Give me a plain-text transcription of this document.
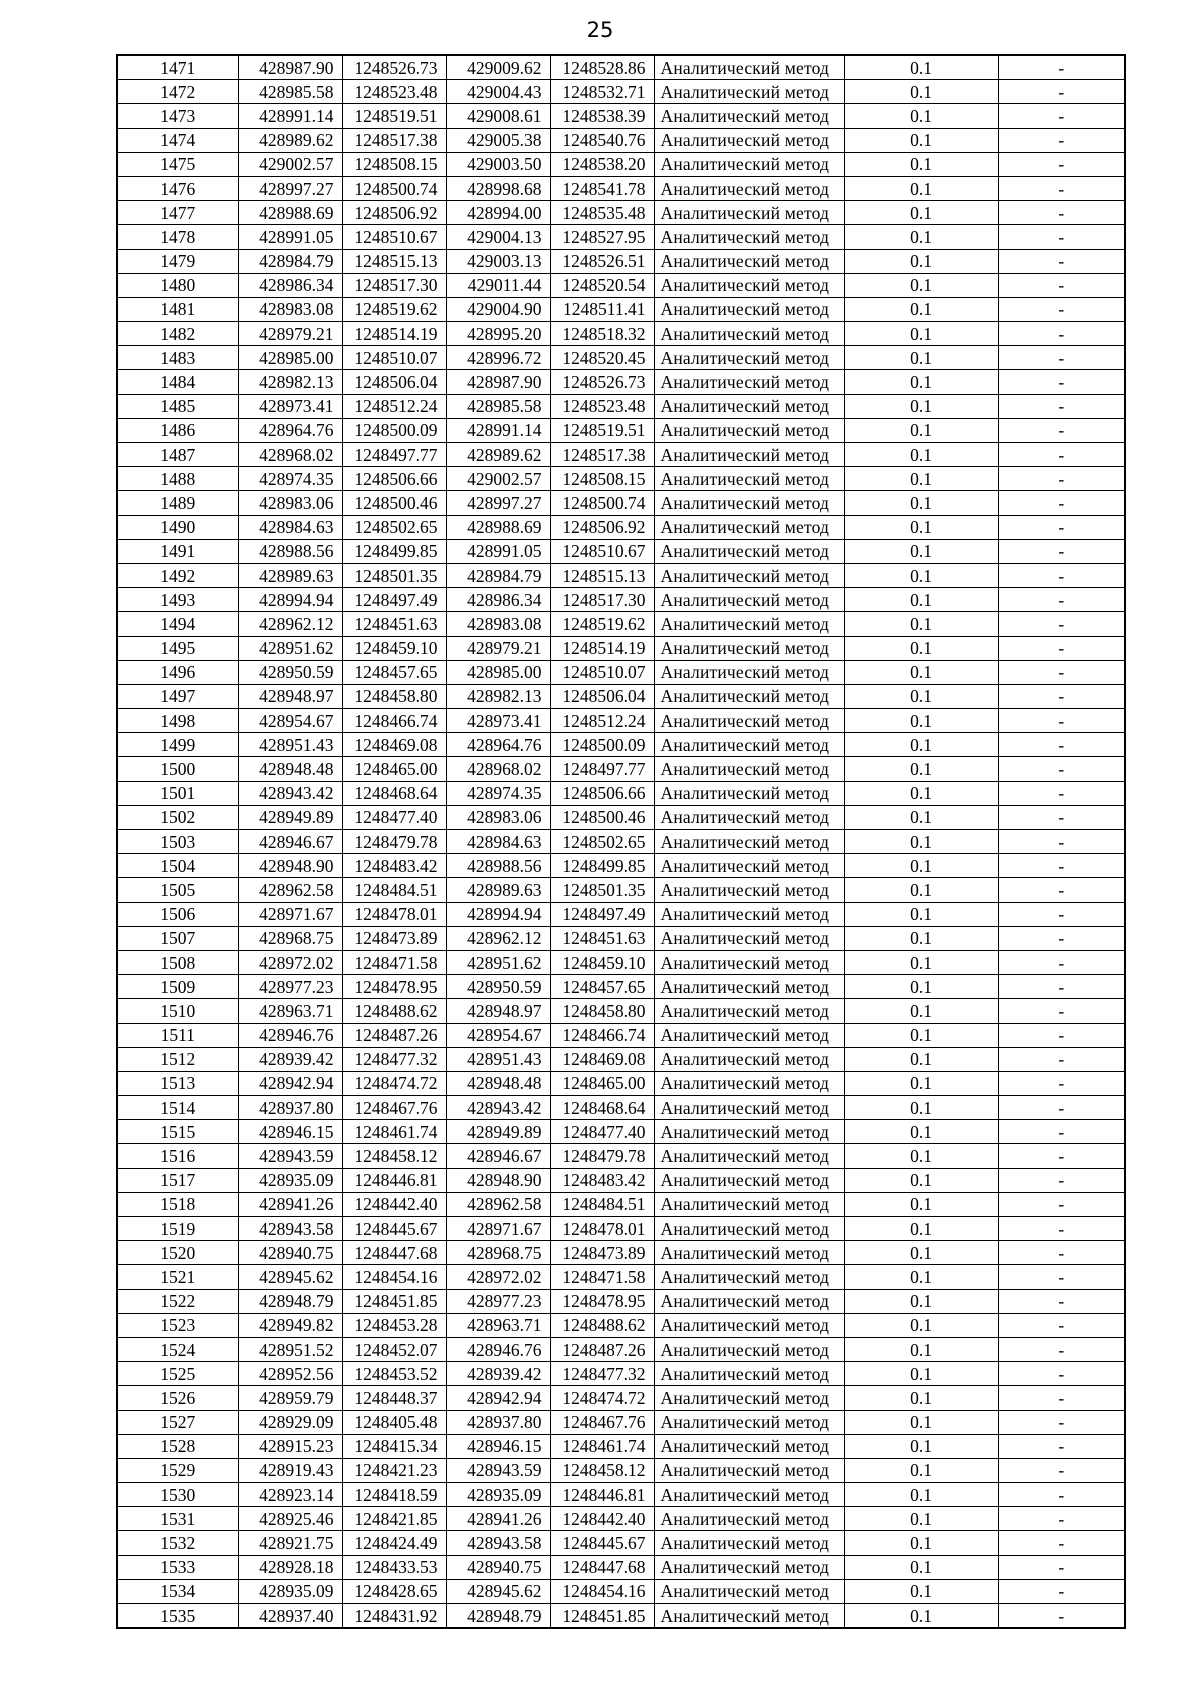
25
1471	428987.90	1248526.73	429009.62	1248528.86	Аналитический метод	0.1	-
1472	428985.58	1248523.48	429004.43	1248532.71	Аналитический метод	0.1	-
1473	428991.14	1248519.51	429008.61	1248538.39	Аналитический метод	0.1	-
1474	428989.62	1248517.38	429005.38	1248540.76	Аналитический метод	0.1	-
1475	429002.57	1248508.15	429003.50	1248538.20	Аналитический метод	0.1	-
1476	428997.27	1248500.74	428998.68	1248541.78	Аналитический метод	0.1	-
1477	428988.69	1248506.92	428994.00	1248535.48	Аналитический метод	0.1	-
1478	428991.05	1248510.67	429004.13	1248527.95	Аналитический метод	0.1	-
1479	428984.79	1248515.13	429003.13	1248526.51	Аналитический метод	0.1	-
1480	428986.34	1248517.30	429011.44	1248520.54	Аналитический метод	0.1	-
1481	428983.08	1248519.62	429004.90	1248511.41	Аналитический метод	0.1	-
1482	428979.21	1248514.19	428995.20	1248518.32	Аналитический метод	0.1	-
1483	428985.00	1248510.07	428996.72	1248520.45	Аналитический метод	0.1	-
1484	428982.13	1248506.04	428987.90	1248526.73	Аналитический метод	0.1	-
1485	428973.41	1248512.24	428985.58	1248523.48	Аналитический метод	0.1	-
1486	428964.76	1248500.09	428991.14	1248519.51	Аналитический метод	0.1	-
1487	428968.02	1248497.77	428989.62	1248517.38	Аналитический метод	0.1	-
1488	428974.35	1248506.66	429002.57	1248508.15	Аналитический метод	0.1	-
1489	428983.06	1248500.46	428997.27	1248500.74	Аналитический метод	0.1	-
1490	428984.63	1248502.65	428988.69	1248506.92	Аналитический метод	0.1	-
1491	428988.56	1248499.85	428991.05	1248510.67	Аналитический метод	0.1	-
1492	428989.63	1248501.35	428984.79	1248515.13	Аналитический метод	0.1	-
1493	428994.94	1248497.49	428986.34	1248517.30	Аналитический метод	0.1	-
1494	428962.12	1248451.63	428983.08	1248519.62	Аналитический метод	0.1	-
1495	428951.62	1248459.10	428979.21	1248514.19	Аналитический метод	0.1	-
1496	428950.59	1248457.65	428985.00	1248510.07	Аналитический метод	0.1	-
1497	428948.97	1248458.80	428982.13	1248506.04	Аналитический метод	0.1	-
1498	428954.67	1248466.74	428973.41	1248512.24	Аналитический метод	0.1	-
1499	428951.43	1248469.08	428964.76	1248500.09	Аналитический метод	0.1	-
1500	428948.48	1248465.00	428968.02	1248497.77	Аналитический метод	0.1	-
1501	428943.42	1248468.64	428974.35	1248506.66	Аналитический метод	0.1	-
1502	428949.89	1248477.40	428983.06	1248500.46	Аналитический метод	0.1	-
1503	428946.67	1248479.78	428984.63	1248502.65	Аналитический метод	0.1	-
1504	428948.90	1248483.42	428988.56	1248499.85	Аналитический метод	0.1	-
1505	428962.58	1248484.51	428989.63	1248501.35	Аналитический метод	0.1	-
1506	428971.67	1248478.01	428994.94	1248497.49	Аналитический метод	0.1	-
1507	428968.75	1248473.89	428962.12	1248451.63	Аналитический метод	0.1	-
1508	428972.02	1248471.58	428951.62	1248459.10	Аналитический метод	0.1	-
1509	428977.23	1248478.95	428950.59	1248457.65	Аналитический метод	0.1	-
1510	428963.71	1248488.62	428948.97	1248458.80	Аналитический метод	0.1	-
1511	428946.76	1248487.26	428954.67	1248466.74	Аналитический метод	0.1	-
1512	428939.42	1248477.32	428951.43	1248469.08	Аналитический метод	0.1	-
1513	428942.94	1248474.72	428948.48	1248465.00	Аналитический метод	0.1	-
1514	428937.80	1248467.76	428943.42	1248468.64	Аналитический метод	0.1	-
1515	428946.15	1248461.74	428949.89	1248477.40	Аналитический метод	0.1	-
1516	428943.59	1248458.12	428946.67	1248479.78	Аналитический метод	0.1	-
1517	428935.09	1248446.81	428948.90	1248483.42	Аналитический метод	0.1	-
1518	428941.26	1248442.40	428962.58	1248484.51	Аналитический метод	0.1	-
1519	428943.58	1248445.67	428971.67	1248478.01	Аналитический метод	0.1	-
1520	428940.75	1248447.68	428968.75	1248473.89	Аналитический метод	0.1	-
1521	428945.62	1248454.16	428972.02	1248471.58	Аналитический метод	0.1	-
1522	428948.79	1248451.85	428977.23	1248478.95	Аналитический метод	0.1	-
1523	428949.82	1248453.28	428963.71	1248488.62	Аналитический метод	0.1	-
1524	428951.52	1248452.07	428946.76	1248487.26	Аналитический метод	0.1	-
1525	428952.56	1248453.52	428939.42	1248477.32	Аналитический метод	0.1	-
1526	428959.79	1248448.37	428942.94	1248474.72	Аналитический метод	0.1	-
1527	428929.09	1248405.48	428937.80	1248467.76	Аналитический метод	0.1	-
1528	428915.23	1248415.34	428946.15	1248461.74	Аналитический метод	0.1	-
1529	428919.43	1248421.23	428943.59	1248458.12	Аналитический метод	0.1	-
1530	428923.14	1248418.59	428935.09	1248446.81	Аналитический метод	0.1	-
1531	428925.46	1248421.85	428941.26	1248442.40	Аналитический метод	0.1	-
1532	428921.75	1248424.49	428943.58	1248445.67	Аналитический метод	0.1	-
1533	428928.18	1248433.53	428940.75	1248447.68	Аналитический метод	0.1	-
1534	428935.09	1248428.65	428945.62	1248454.16	Аналитический метод	0.1	-
1535	428937.40	1248431.92	428948.79	1248451.85	Аналитический метод	0.1	-
